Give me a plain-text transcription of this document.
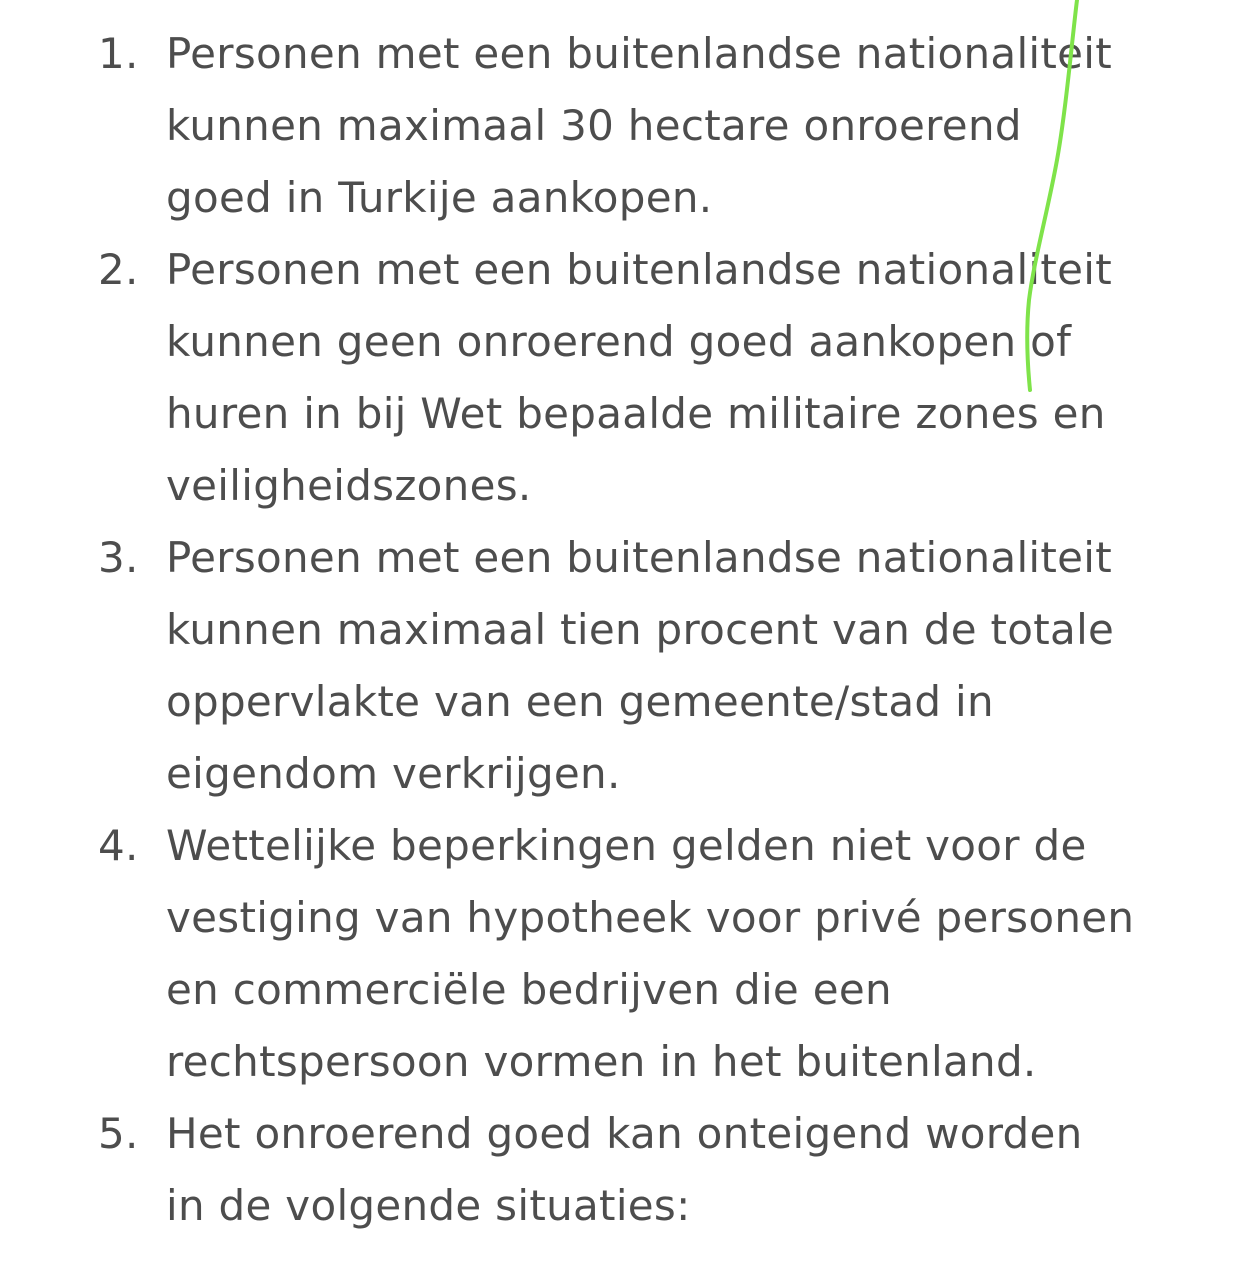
1. Personen met een buitenlandse nationaliteit
kunnen maximaal 30 hectare onroerend
goed in Turkije aankopen.
2. Personen met een buitenlandse nationaliteit
kunnen geen onroerend goed aankopen of
huren in bij Wet bepaalde militaire zones en
veiligheidszones.
3. Personen met een buitenlandse nationaliteit
kunnen maximaal tien procent van de totale
oppervlakte van een gemeente/stad in
eigendom verkrijgen.
4. Wettelijke beperkingen gelden niet voor de
vestiging van hypotheek voor privé personen
en commerciële bedrijven die een
rechtspersoon vormen in het buitenland.
5. Het onroerend goed kan onteigend worden
in de volgende situaties:
